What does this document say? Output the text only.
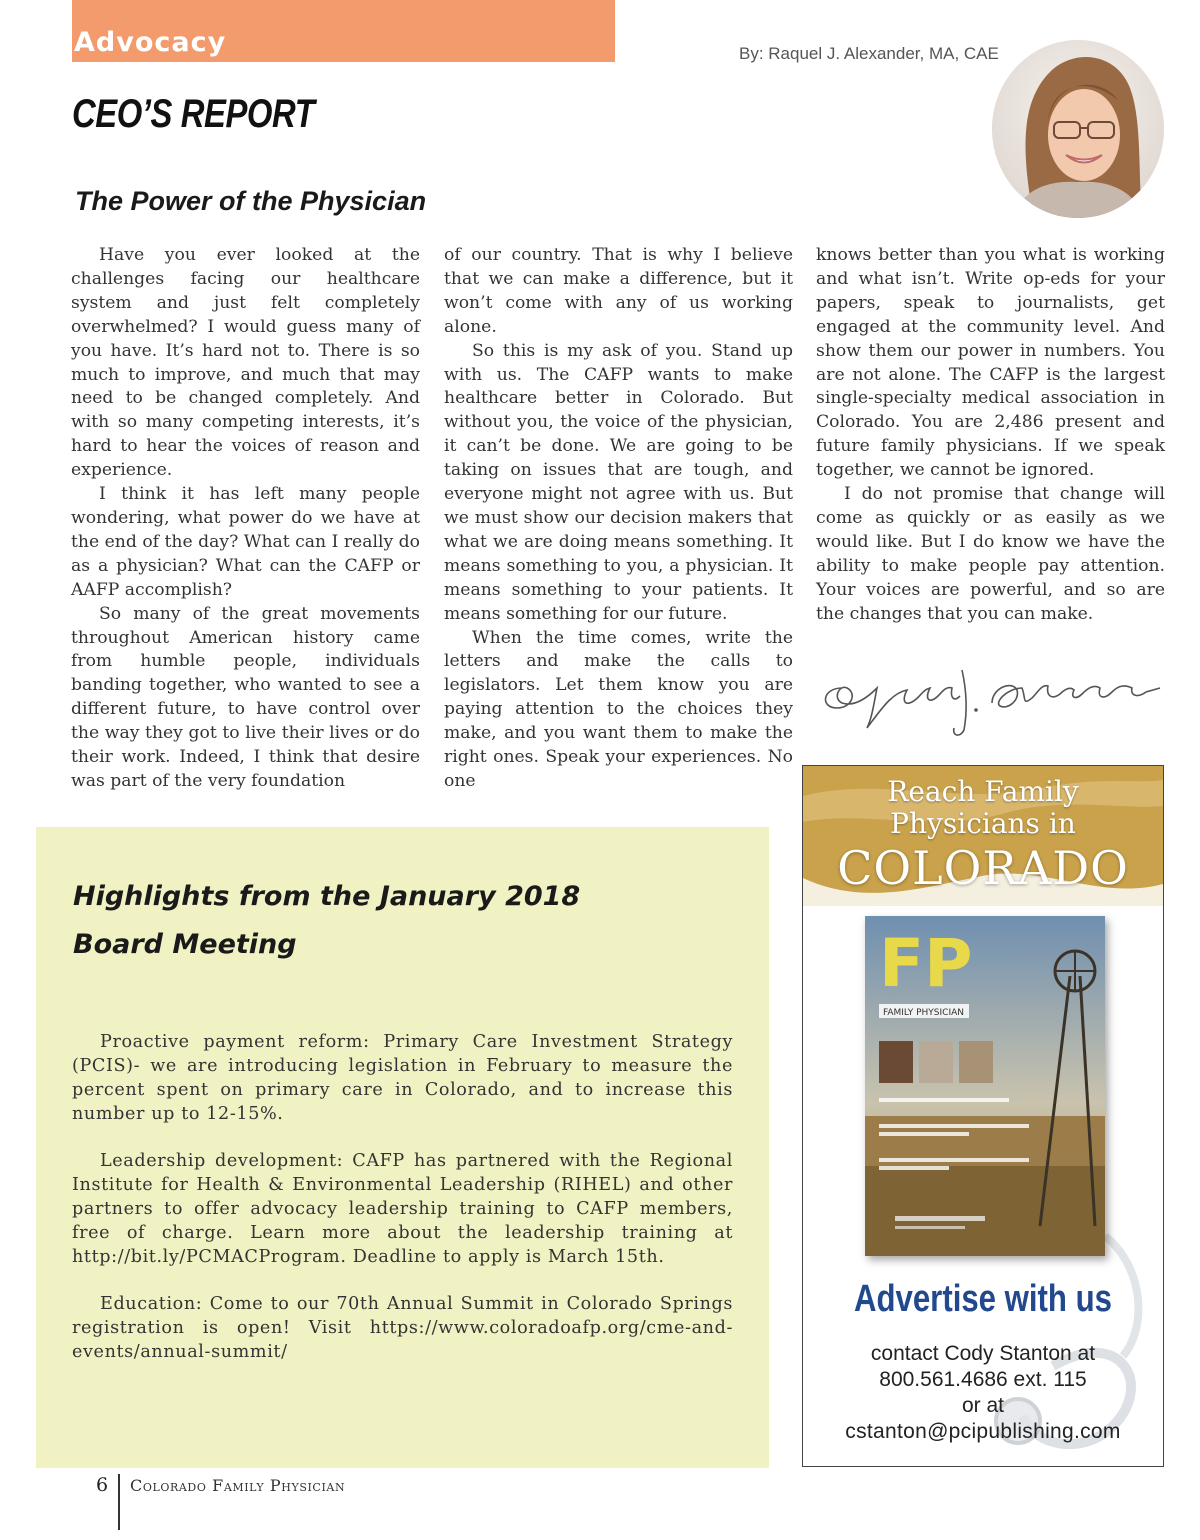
Advocacy	By: Raquel J. Alexander, MA, CAE
CEO’S REPORT
The Power of the Physician

Have you ever looked at the challenges facing our healthcare system and just felt completely overwhelmed? I would guess many of you have. It’s hard not to. There is so much to improve, and much that may need to be changed completely. And with so many competing interests, it’s hard to hear the voices of reason and experience.

I think it has left many people wondering, what power do we have at the end of the day? What can I really do as a physician? What can the CAFP or AAFP accomplish?

So many of the great movements throughout American history came from humble people, individuals banding together, who wanted to see a different future, to have control over the way they got to live their lives or do their work. Indeed, I think that desire was part of the very foundation

of our country. That is why I believe that we can make a difference, but it won’t come with any of us working alone.

So this is my ask of you. Stand up with us. The CAFP wants to make healthcare better in Colorado. But without you, the voice of the physician, it can’t be done. We are going to be taking on issues that are tough, and everyone might not agree with us. But we must show our decision makers that what we are doing means something. It means something to you, a physician. It means something to your patients. It means something for our future.

When the time comes, write the letters and make the calls to legislators. Let them know you are paying attention to the choices they make, and you want them to make the right ones. Speak your experiences. No one

knows better than you what is working and what isn’t. Write op-eds for your papers, speak to journalists, get engaged at the community level. And show them our power in numbers. You are not alone. The CAFP is the largest single-specialty medical association in Colorado. You are 2,486 present and future family physicians. If we speak together, we cannot be ignored.

I do not promise that change will come as quickly or as easily as we would like. But I do know we have the ability to make people pay attention. Your voices are powerful, and so are the changes that you can make.

Highlights from the January 2018
Board Meeting

Proactive payment reform: Primary Care Investment Strategy (PCIS)- we are introducing legislation in February to measure the percent spent on primary care in Colorado, and to increase this number up to 12-15%.

Leadership development: CAFP has partnered with the Regional Institute for Health & Environmental Leadership (RIHEL) and other partners to offer advocacy leadership training to CAFP members, free of charge. Learn more about the leadership training at http://bit.ly/PCMACProgram. Deadline to apply is March 15th.

Education: Come to our 70th Annual Summit in Colorado Springs registration is open! Visit https://www.coloradoafp.org/cme-and-events/annual-summit/

Reach Family
Physicians in
COLORADO
FP
FAMILY PHYSICIAN
Advertise with us
contact Cody Stanton at
800.561.4686 ext. 115
or at
cstanton@pcipublishing.com
6 Colorado Family Physician
